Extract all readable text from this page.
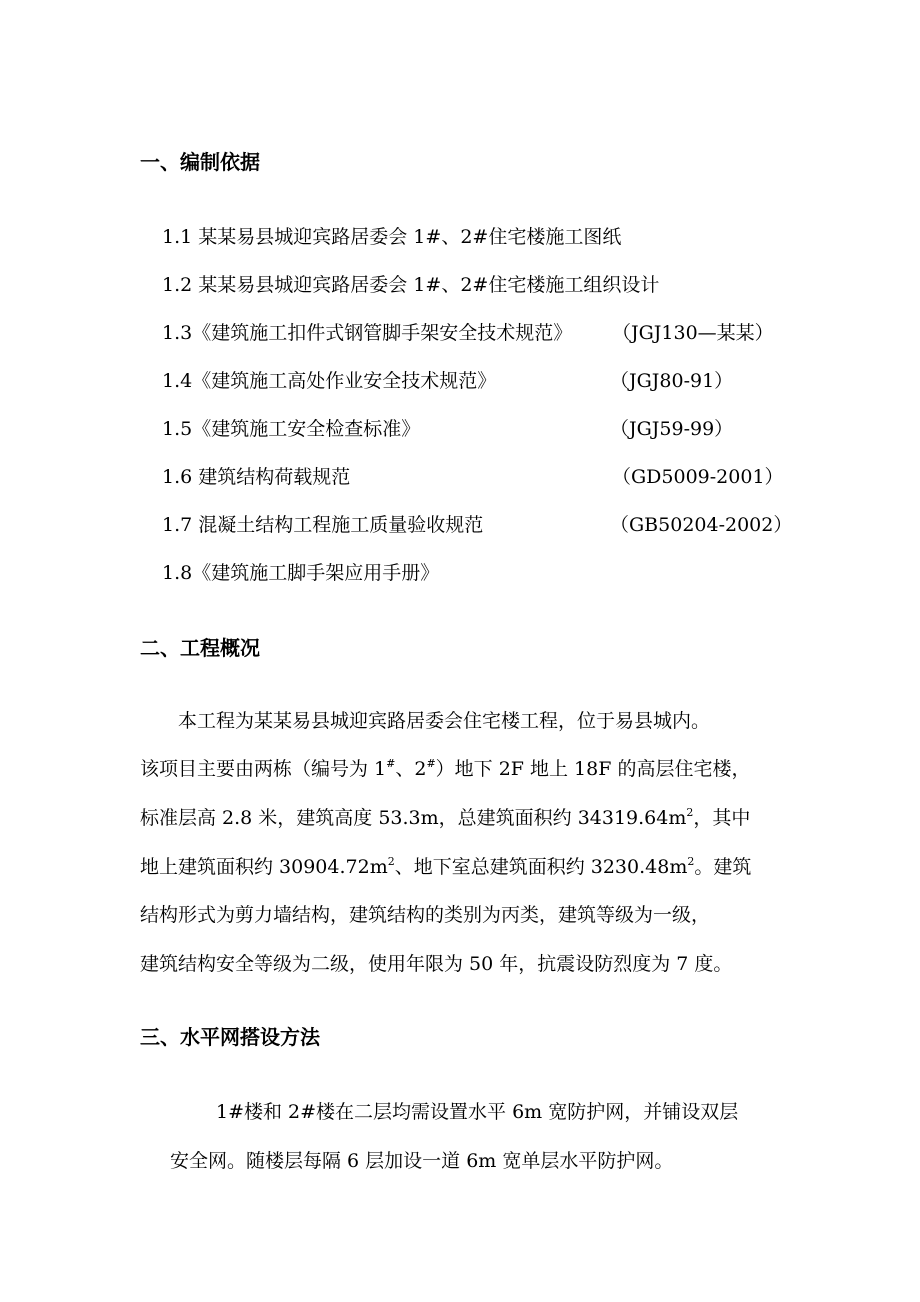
一、编制依据
1.1 某某易县城迎宾路居委会 1#、2#住宅楼施工图纸
1.2 某某易县城迎宾路居委会 1#、2#住宅楼施工组织设计
1.3《建筑施工扣件式钢管脚手架安全技术规范》 （JGJ130—某某）
1.4《建筑施工高处作业安全技术规范》	（JGJ80-91）
1.5《建筑施工安全检查标准》	（JGJ59-99）
1.6 建筑结构荷载规范	（GD5009-2001）
1.7 混凝土结构工程施工质量验收规范	（GB50204-2002）
1.8《建筑施工脚手架应用手册》
二、工程概况
本工程为某某易县城迎宾路居委会住宅楼工程，位于易县城内。
该项目主要由两栋（编号为 1#、2#）地下 2F 地上 18F 的高层住宅楼，
标准层高 2.8 米，建筑高度 53.3m，总建筑面积约 $34319.64m^2$，其中
地上建筑面积约 $30904.72m^2$、地下室总建筑面积约 $3230.48m^2$。建筑
结构形式为剪力墙结构，建筑结构的类别为丙类，建筑等级为一级，
建筑结构安全等级为二级，使用年限为 50 年，抗震设防烈度为 7 度。
三、水平网搭设方法
1#楼和 2#楼在二层均需设置水平 6m 宽防护网，并铺设双层
安全网。随楼层每隔 6 层加设一道 6m 宽单层水平防护网。
